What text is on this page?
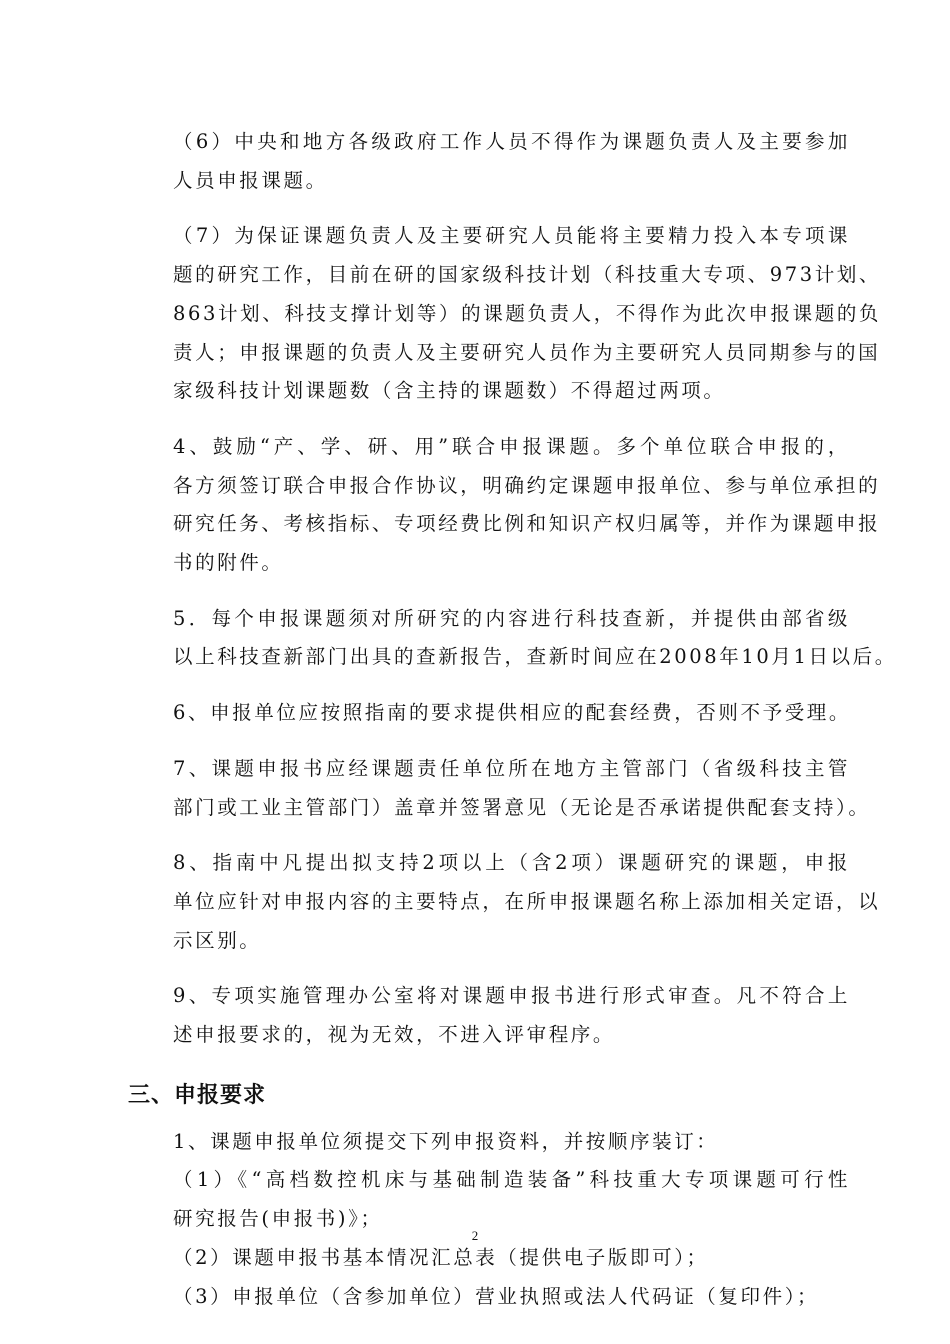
（6）中央和地方各级政府工作人员不得作为课题负责人及主要参加
人员申报课题。
（7）为保证课题负责人及主要研究人员能将主要精力投入本专项课
题的研究工作，目前在研的国家级科技计划（科技重大专项、973计划、
863计划、科技支撑计划等）的课题负责人，不得作为此次申报课题的负
责人；申报课题的负责人及主要研究人员作为主要研究人员同期参与的国
家级科技计划课题数（含主持的课题数）不得超过两项。
4、鼓励“产、学、研、用”联合申报课题。多个单位联合申报的，
各方须签订联合申报合作协议，明确约定课题申报单位、参与单位承担的
研究任务、考核指标、专项经费比例和知识产权归属等，并作为课题申报
书的附件。
5．每个申报课题须对所研究的内容进行科技查新，并提供由部省级
以上科技查新部门出具的查新报告，查新时间应在2008年10月1日以后。
6、申报单位应按照指南的要求提供相应的配套经费，否则不予受理。
7、课题申报书应经课题责任单位所在地方主管部门（省级科技主管
部门或工业主管部门）盖章并签署意见（无论是否承诺提供配套支持）。
8、指南中凡提出拟支持2项以上（含2项）课题研究的课题，申报
单位应针对申报内容的主要特点，在所申报课题名称上添加相关定语，以
示区别。
9、专项实施管理办公室将对课题申报书进行形式审查。凡不符合上
述申报要求的，视为无效，不进入评审程序。
三、申报要求
1、课题申报单位须提交下列申报资料，并按顺序装订：
（1）《“高档数控机床与基础制造装备”科技重大专项课题可行性
研究报告(申报书)》；
（2）课题申报书基本情况汇总表（提供电子版即可）；
（3）申报单位（含参加单位）营业执照或法人代码证（复印件）；
2
